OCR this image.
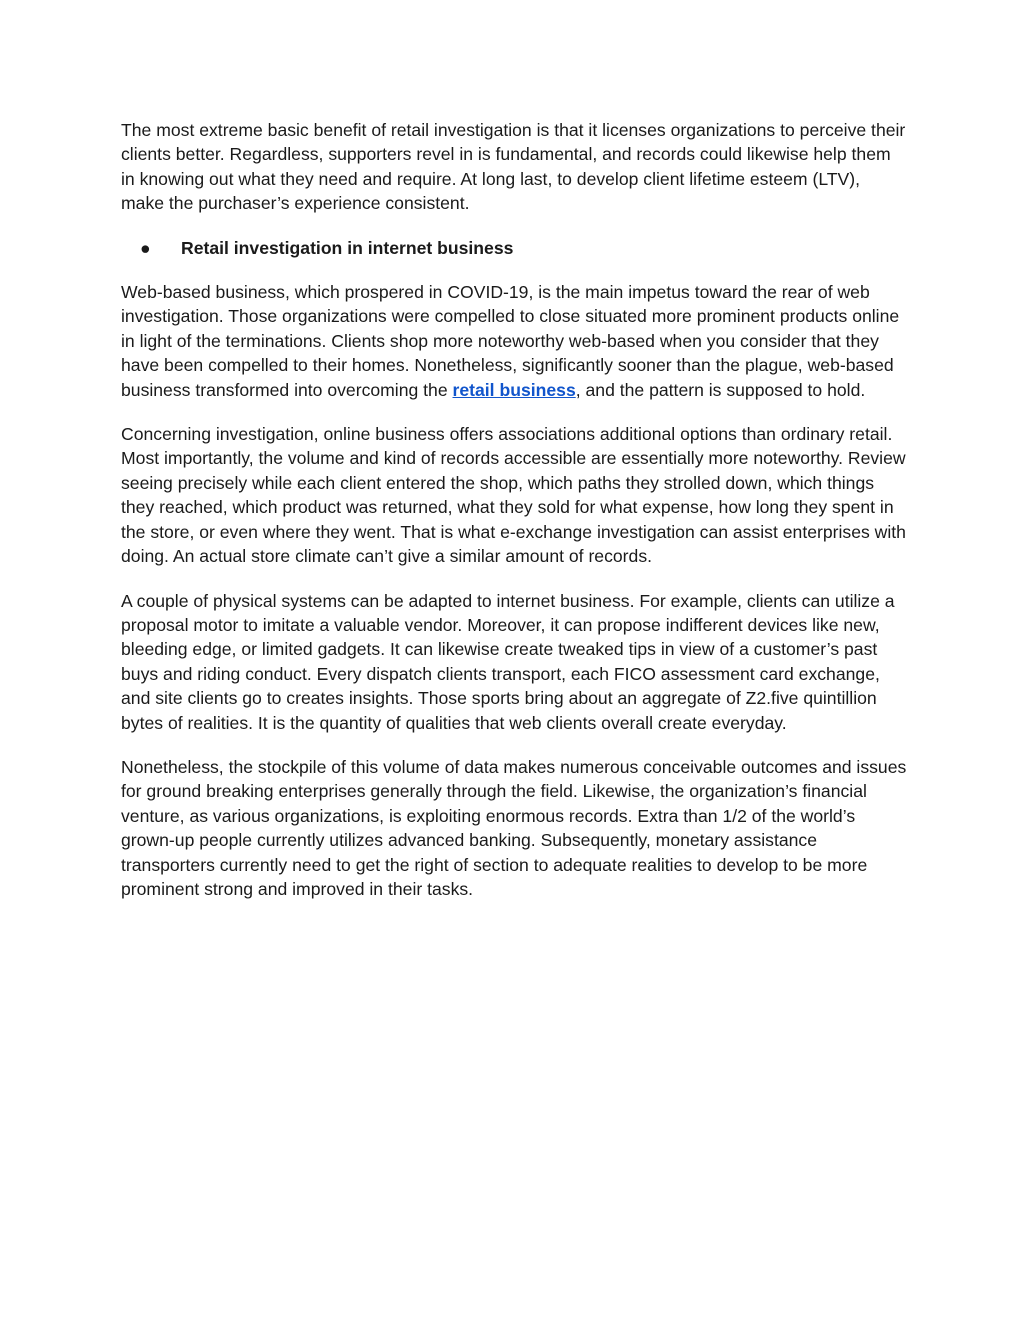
The most extreme basic benefit of retail investigation is that it licenses organizations to perceive their clients better. Regardless, supporters revel in is fundamental, and records could likewise help them in knowing out what they need and require. At long last, to develop client lifetime esteem (LTV), make the purchaser’s experience consistent.

●	Retail investigation in internet business

Web-based business, which prospered in COVID-19, is the main impetus toward the rear of web investigation. Those organizations were compelled to close situated more prominent products online in light of the terminations. Clients shop more noteworthy web-based when you consider that they have been compelled to their homes. Nonetheless, significantly sooner than the plague, web-based business transformed into overcoming the retail business, and the pattern is supposed to hold.

Concerning investigation, online business offers associations additional options than ordinary retail. Most importantly, the volume and kind of records accessible are essentially more noteworthy. Review seeing precisely while each client entered the shop, which paths they strolled down, which things they reached, which product was returned, what they sold for what expense, how long they spent in the store, or even where they went. That is what e-exchange investigation can assist enterprises with doing. An actual store climate can’t give a similar amount of records.

A couple of physical systems can be adapted to internet business. For example, clients can utilize a proposal motor to imitate a valuable vendor. Moreover, it can propose indifferent devices like new, bleeding edge, or limited gadgets. It can likewise create tweaked tips in view of a customer’s past buys and riding conduct. Every dispatch clients transport, each FICO assessment card exchange, and site clients go to creates insights. Those sports bring about an aggregate of Z2.five quintillion bytes of realities. It is the quantity of qualities that web clients overall create everyday.

Nonetheless, the stockpile of this volume of data makes numerous conceivable outcomes and issues for ground breaking enterprises generally through the field. Likewise, the organization’s financial venture, as various organizations, is exploiting enormous records. Extra than 1/2 of the world’s grown-up people currently utilizes advanced banking. Subsequently, monetary assistance transporters currently need to get the right of section to adequate realities to develop to be more prominent strong and improved in their tasks.
